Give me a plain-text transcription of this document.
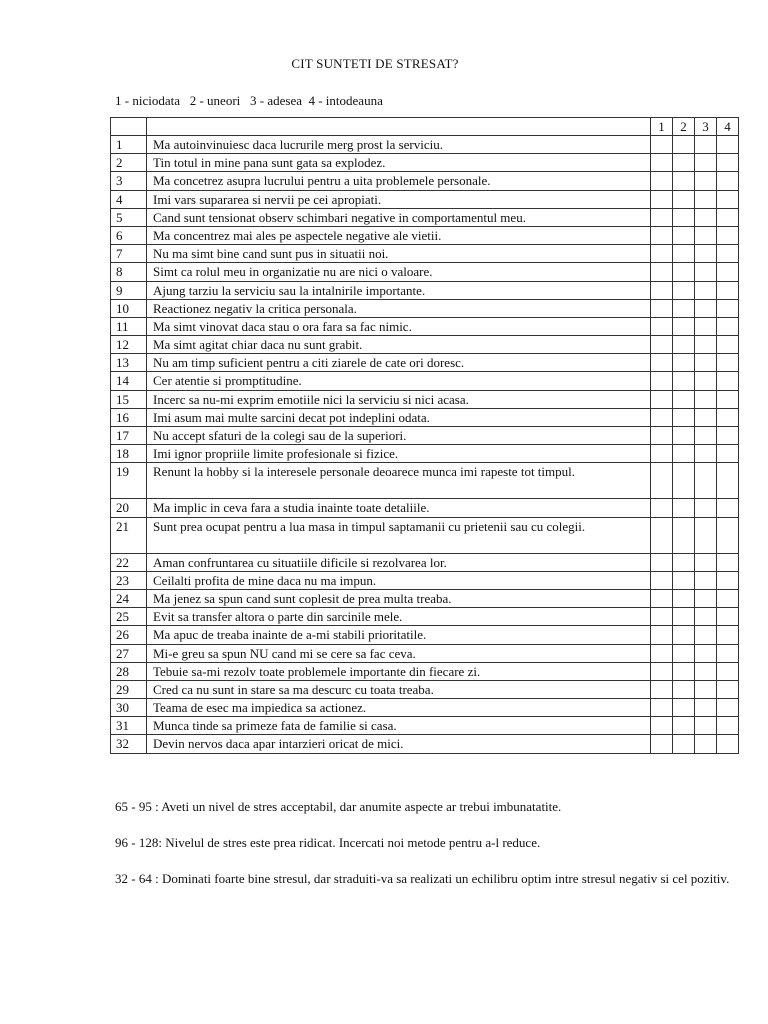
CIT SUNTETI DE STRESAT?
1 - niciodata   2 - uneori   3 - adesea  4 - intodeauna
		1	2	3	4
1	Ma autoinvinuiesc daca lucrurile merg prost la serviciu.				
2	Tin totul in mine pana sunt gata sa explodez.				
3	Ma concetrez asupra lucrului pentru a uita problemele personale.				
4	Imi vars supararea si nervii pe cei apropiati.				
5	Cand sunt tensionat observ schimbari negative in comportamentul meu.				
6	Ma concentrez mai ales pe aspectele negative ale vietii.				
7	Nu ma simt bine cand sunt pus in situatii noi.				
8	Simt ca rolul meu in organizatie nu are nici o valoare.				
9	Ajung tarziu la serviciu sau la intalnirile importante.				
10	Reactionez negativ la critica personala.				
11	Ma simt vinovat daca stau o ora fara sa fac nimic.				
12	Ma simt agitat chiar daca nu sunt grabit.				
13	Nu am timp suficient pentru a citi ziarele de cate ori doresc.				
14	Cer atentie si promptitudine.				
15	Incerc sa nu-mi exprim emotiile nici la serviciu si nici acasa.				
16	Imi asum mai multe sarcini decat pot indeplini odata.				
17	Nu accept sfaturi de la colegi sau de la superiori.				
18	Imi ignor propriile limite profesionale si fizice.				
19	Renunt la hobby si la interesele personale deoarece munca imi rapeste tot timpul.				
20	Ma implic in ceva fara a studia inainte toate detaliile.				
21	Sunt prea ocupat pentru a lua masa in timpul saptamanii cu prietenii sau cu colegii.				
22	Aman confruntarea cu situatiile dificile si rezolvarea lor.				
23	Ceilalti profita de mine daca nu ma impun.				
24	Ma jenez sa spun cand sunt coplesit de prea multa treaba.				
25	Evit sa transfer altora o parte din sarcinile mele.				
26	Ma apuc de treaba inainte de a-mi stabili prioritatile.				
27	Mi-e greu sa spun NU cand mi se cere sa fac ceva.				
28	Tebuie sa-mi rezolv toate problemele importante din fiecare zi.				
29	Cred ca nu sunt in stare sa ma descurc cu toata treaba.				
30	Teama de esec ma impiedica sa actionez.				
31	Munca tinde sa primeze fata de familie si casa.				
32	Devin nervos daca apar intarzieri oricat de mici.				
65 - 95 : Aveti un nivel de stres acceptabil, dar anumite aspecte ar trebui imbunatatite.
96 - 128: Nivelul de stres este prea ridicat. Incercati noi metode pentru a-l reduce.
32 - 64 : Dominati foarte bine stresul, dar straduiti-va sa realizati un echilibru optim intre stresul negativ si cel pozitiv.
